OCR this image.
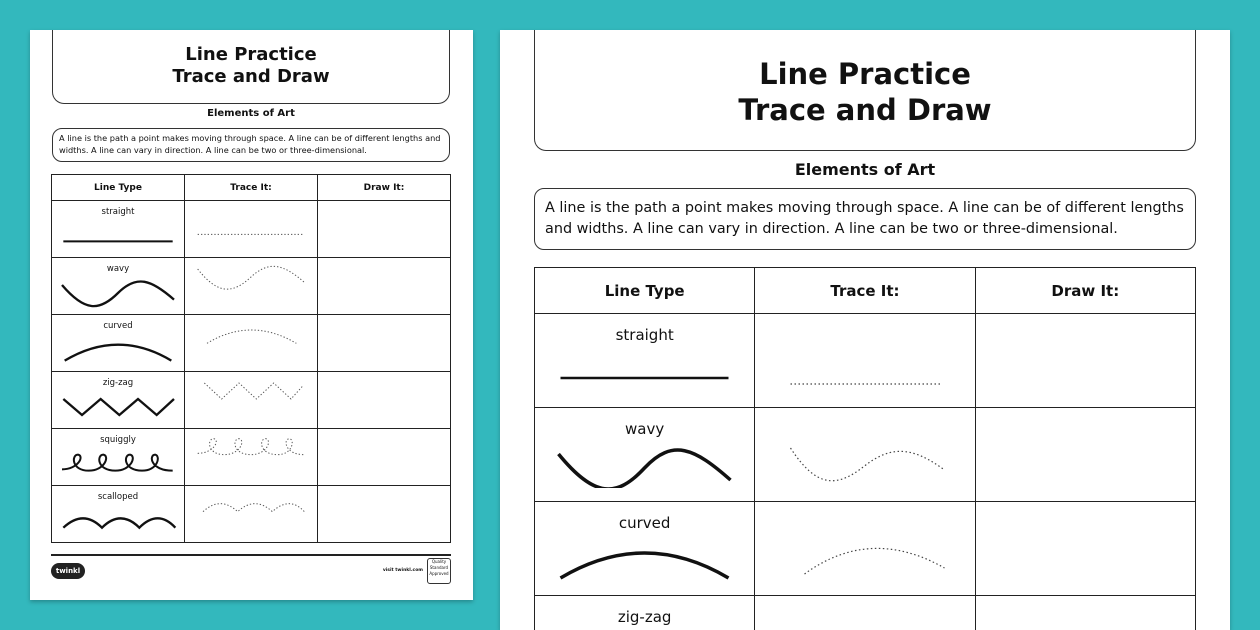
Line Practice
Trace and Draw
Elements of Art
A line is the path a point makes moving through space. A line can be of different lengths and widths. A line can vary in direction. A line can be two or three-dimensional.
Line Type	Trace It:	Draw It:

straight

wavy

curved

zig-zag

squiggly

scalloped

twinkl	visit twinkl.com
Quality Standard Approved
Line Practice
Trace and Draw
Elements of Art
A line is the path a point makes moving through space. A line can be of different lengths and widths. A line can vary in direction. A line can be two or three-dimensional.
Line Type	Trace It:	Draw It:

straight

wavy

curved

zig-zag
